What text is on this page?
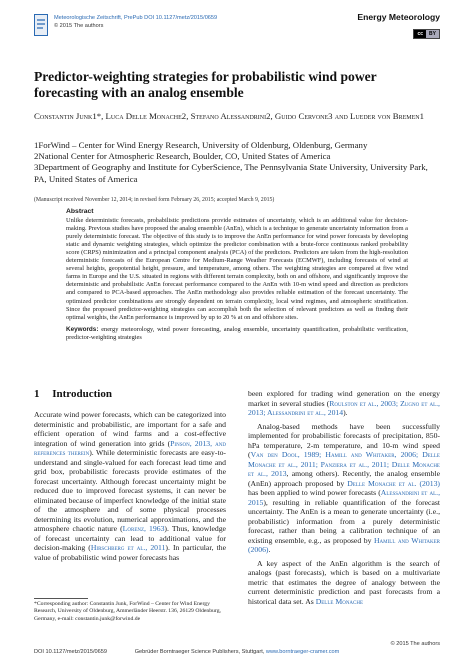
Meteorologische Zeitschrift, PrePub DOI 10.1127/metz/2015/0659
© 2015 The authors
Energy Meteorology
cc	BY
Predictor-weighting strategies for probabilistic wind power forecasting with an analog ensemble
Constantin Junk1*, Luca Delle Monache2, Stefano Alessandrini2, Guido Cervone3 and Lueder von Bremen1
1ForWind – Center for Wind Energy Research, University of Oldenburg, Oldenburg, Germany
2National Center for Atmospheric Research, Boulder, CO, United States of America
3Department of Geography and Institute for CyberScience, The Pennsylvania State University, University Park, PA, United States of America
(Manuscript received November 12, 2014; in revised form February 26, 2015; accepted March 9, 2015)
Abstract
Unlike deterministic forecasts, probabilistic predictions provide estimates of uncertainty, which is an additional value for decision-making. Previous studies have proposed the analog ensemble (AnEn), which is a technique to generate uncertainty information from a purely deterministic forecast. The objective of this study is to improve the AnEn performance for wind power forecasts by developing static and dynamic weighting strategies, which optimize the predictor combination with a brute-force continuous ranked probability score (CRPS) minimization and a principal component analysis (PCA) of the predictors. Predictors are taken from the high-resolution deterministic forecasts of the European Centre for Medium-Range Weather Forecasts (ECMWF), including forecasts of wind at several heights, geopotential height, pressure, and temperature, among others. The weighting strategies are compared at five wind farms in Europe and the U.S. situated in regions with different terrain complexity, both on and offshore, and significantly improve the deterministic and probabilistic AnEn forecast performance compared to the AnEn with 10-m wind speed and direction as predictors and compared to PCA-based approaches. The AnEn methodology also provides reliable estimation of the forecast uncertainty. The optimized predictor combinations are strongly dependent on terrain complexity, local wind regimes, and atmospheric stratification. Since the proposed predictor-weighting strategies can accomplish both the selection of relevant predictors as well as finding their optimal weights, the AnEn performance is improved by up to 20 % at on and offshore sites.
Keywords: energy meteorology, wind power forecasting, analog ensemble, uncertainty quantification, probabilistic verification, predictor-weighting strategies
1 Introduction

Accurate wind power forecasts, which can be categorized into deterministic and probabilistic, are important for a safe and efficient operation of wind farms and a cost-effective integration of wind generation into grids (Pinson, 2013, and references therein). While deterministic forecasts are easy-to-understand and single-valued for each forecast lead time and grid box, probabilistic forecasts provide estimates of the forecast uncertainty. Although forecast uncertainty might be reduced due to improved forecast systems, it can never be eliminated because of imperfect knowledge of the initial state of the atmosphere and of some physical processes determining its evolution, numerical approximations, and the atmosphere chaotic nature (Lorenz, 1963). Thus, knowledge of forecast uncertainty can lead to additional value for decision-making (Hirschberg et al., 2011). In particular, the value of probabilistic wind power forecasts has

been explored for trading wind generation on the energy market in several studies (Roulston et al., 2003; Zugno et al., 2013; Alessandrini et al., 2014).

Analog-based methods have been successfully implemented for probabilistic forecasts of precipitation, 850-hPa temperature, 2-m temperature, and 10-m wind speed (Van den Dool, 1989; Hamill and Whitaker, 2006; Delle Monache et al., 2011; Panziera et al., 2011; Delle Monache et al., 2013, among others). Recently, the analog ensemble (AnEn) approach proposed by Delle Monache et al. (2013) has been applied to wind power forecasts (Alessandrini et al., 2015), resulting in reliable quantification of the forecast uncertainty. The AnEn is a mean to generate uncertainty (i.e., probabilistic) information from a purely deterministic forecast, rather than being a calibration technique of an existing ensemble, e.g., as proposed by Hamill and Whitaker (2006).

A key aspect of the AnEn algorithm is the search of analogs (past forecasts), which is based on a multivariate metric that estimates the degree of analogy between the current deterministic prediction and past forecasts from a historical data set. As Delle Monache

*Corresponding author: Constantin Junk, ForWind – Center for Wind Energy Research, University of Oldenburg, Ammerländer Heerstr. 136, 26129 Oldenburg, Germany, e-mail: constantin.junk@forwind.de
© 2015 The authors
DOI 10.1127/metz/2015/0659	Gebrüder Borntraeger Science Publishers, Stuttgart, www.borntraeger-cramer.com
